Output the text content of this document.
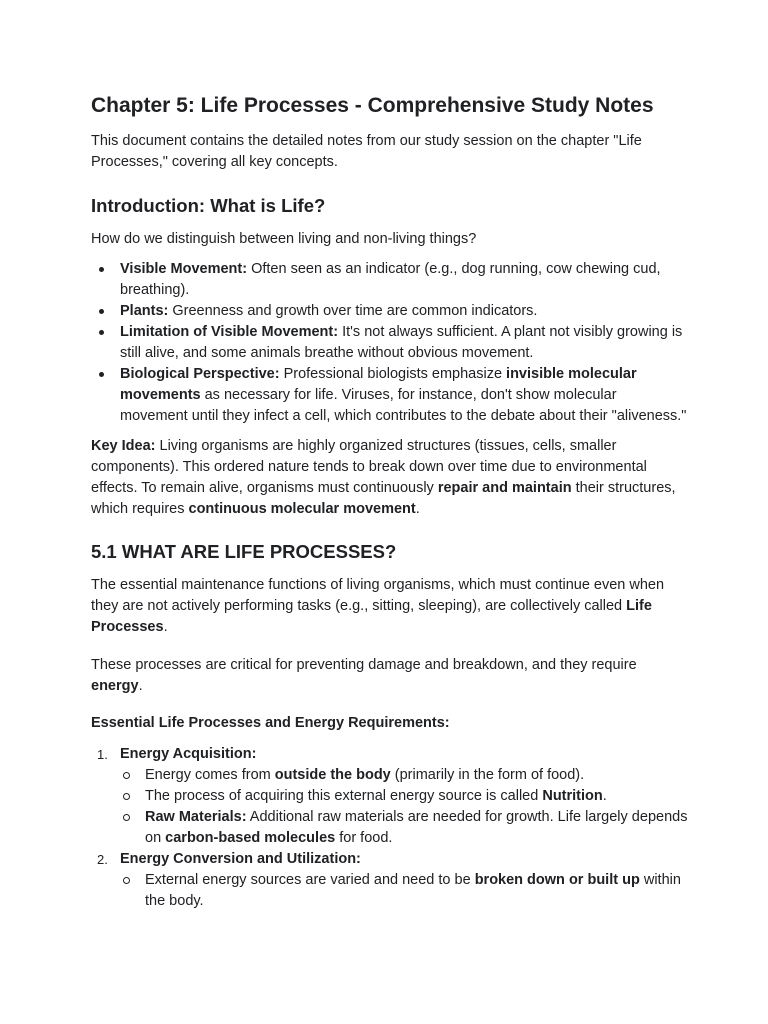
Chapter 5: Life Processes - Comprehensive Study Notes

This document contains the detailed notes from our study session on the chapter "Life Processes," covering all key concepts.

Introduction: What is Life?

How do we distinguish between living and non-living things?

Visible Movement: Often seen as an indicator (e.g., dog running, cow chewing cud, breathing).
Plants: Greenness and growth over time are common indicators.
Limitation of Visible Movement: It's not always sufficient. A plant not visibly growing is still alive, and some animals breathe without obvious movement.
Biological Perspective: Professional biologists emphasize invisible molecular movements as necessary for life. Viruses, for instance, don't show molecular movement until they infect a cell, which contributes to the debate about their "aliveness."

Key Idea: Living organisms are highly organized structures (tissues, cells, smaller components). This ordered nature tends to break down over time due to environmental effects. To remain alive, organisms must continuously repair and maintain their structures, which requires continuous molecular movement.

5.1 WHAT ARE LIFE PROCESSES?

The essential maintenance functions of living organisms, which must continue even when they are not actively performing tasks (e.g., sitting, sleeping), are collectively called Life Processes.

These processes are critical for preventing damage and breakdown, and they require energy.

Essential Life Processes and Energy Requirements:
1. Energy Acquisition:
Energy comes from outside the body (primarily in the form of food).
The process of acquiring this external energy source is called Nutrition.
Raw Materials: Additional raw materials are needed for growth. Life largely depends on carbon-based molecules for food.
2. Energy Conversion and Utilization:
External energy sources are varied and need to be broken down or built up within the body.
